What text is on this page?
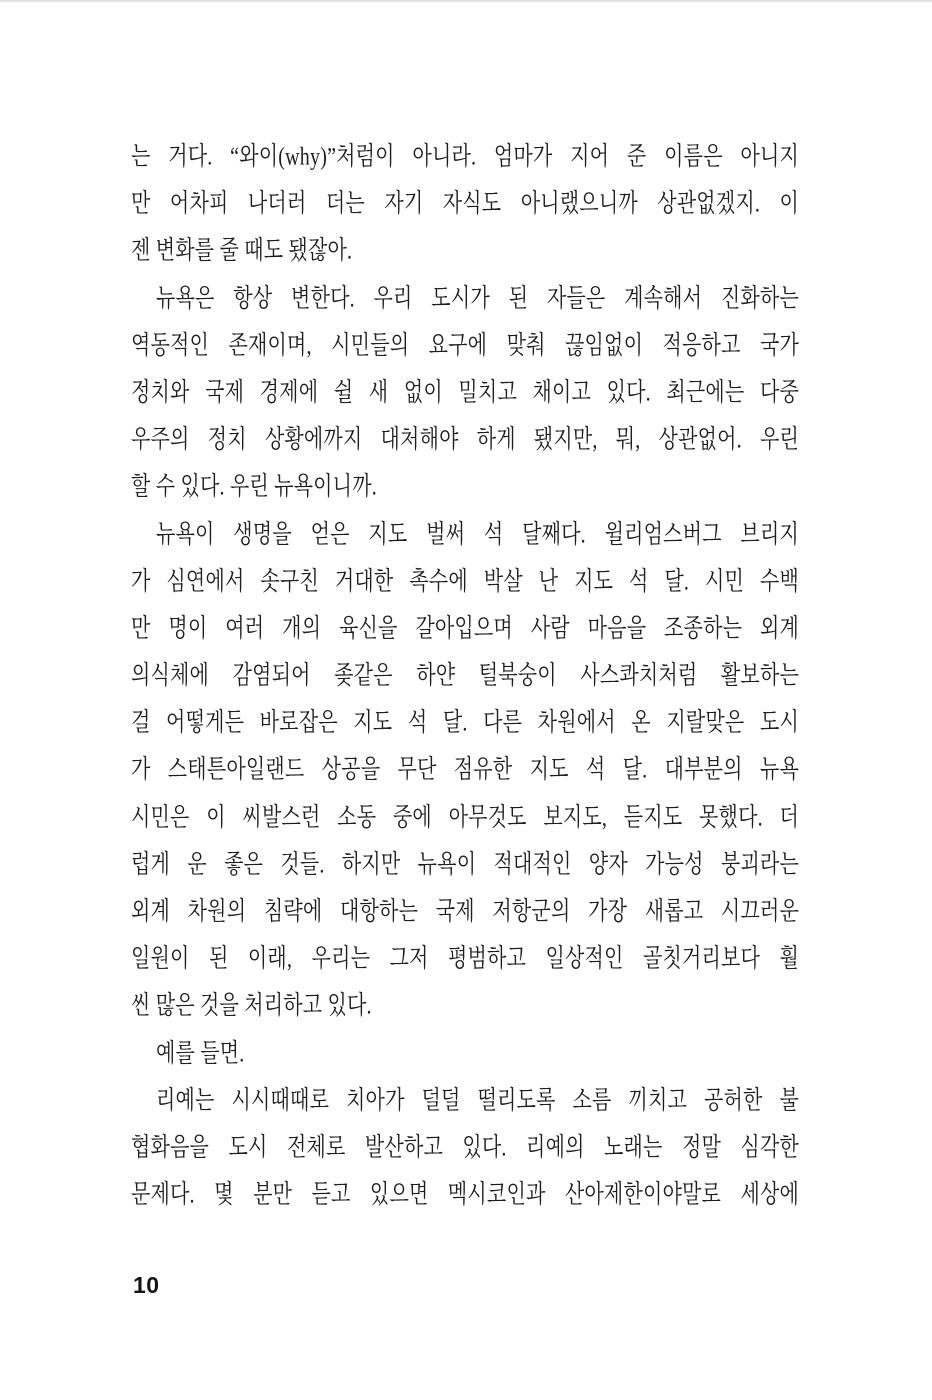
는 거다. “와이(why)”처럼이 아니라. 엄마가 지어 준 이름은 아니지
만 어차피 나더러 더는 자기 자식도 아니랬으니까 상관없겠지. 이
젠 변화를 줄 때도 됐잖아.
뉴욕은 항상 변한다. 우리 도시가 된 자들은 계속해서 진화하는
역동적인 존재이며, 시민들의 요구에 맞춰 끊임없이 적응하고 국가
정치와 국제 경제에 쉴 새 없이 밀치고 채이고 있다. 최근에는 다중
우주의 정치 상황에까지 대처해야 하게 됐지만, 뭐, 상관없어. 우린
할 수 있다. 우린 뉴욕이니까.
뉴욕이 생명을 얻은 지도 벌써 석 달째다. 윌리엄스버그 브리지
가 심연에서 솟구친 거대한 촉수에 박살 난 지도 석 달. 시민 수백
만 명이 여러 개의 육신을 갈아입으며 사람 마음을 조종하는 외계
의식체에 감염되어 좆같은 하얀 털북숭이 사스콰치처럼 활보하는
걸 어떻게든 바로잡은 지도 석 달. 다른 차원에서 온 지랄맞은 도시
가 스태튼아일랜드 상공을 무단 점유한 지도 석 달. 대부분의 뉴욕
시민은 이 씨발스런 소동 중에 아무것도 보지도, 듣지도 못했다. 더
럽게 운 좋은 것들. 하지만 뉴욕이 적대적인 양자 가능성 붕괴라는
외계 차원의 침략에 대항하는 국제 저항군의 가장 새롭고 시끄러운
일원이 된 이래, 우리는 그저 평범하고 일상적인 골칫거리보다 훨
씬 많은 것을 처리하고 있다.
예를 들면.
리예는 시시때때로 치아가 덜덜 떨리도록 소름 끼치고 공허한 불
협화음을 도시 전체로 발산하고 있다. 리예의 노래는 정말 심각한
문제다. 몇 분만 듣고 있으면 멕시코인과 산아제한이야말로 세상에
10
